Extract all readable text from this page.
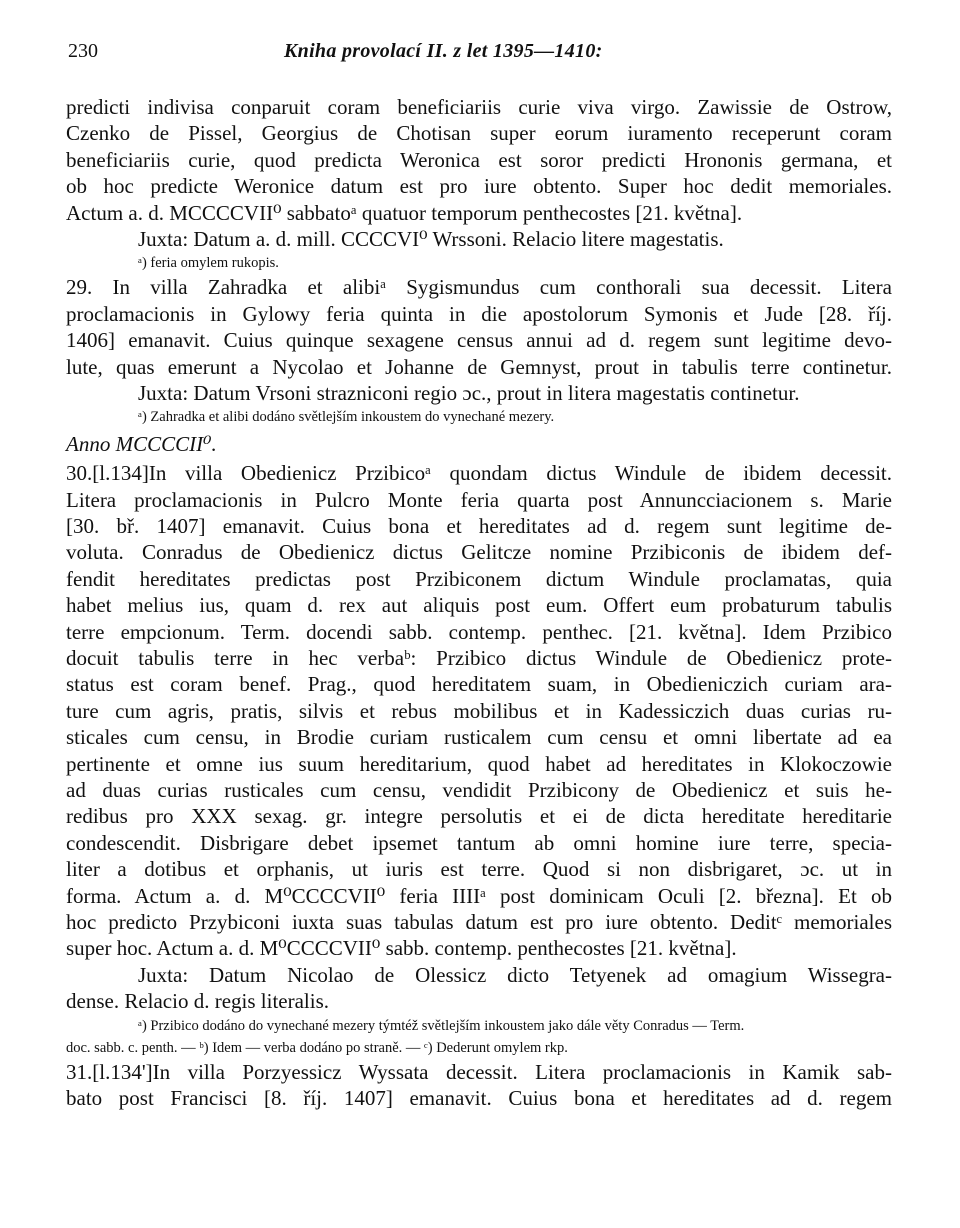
230	Kniha provolací II. z let 1395—1410:
predicti indivisa conparuit coram beneficiariis curie viva virgo. Zawissie de Ostrow,
Czenko de Pissel, Georgius de Chotisan super eorum iuramento receperunt coram
beneficiariis curie, quod predicta Weronica est soror predicti Hrononis germana, et
ob hoc predicte Weronice datum est pro iure obtento. Super hoc dedit memoriales.
Actum a. d. MCCCCVII⁰ sabbatoᵃ quatuor temporum penthecostes [21. května].
Juxta: Datum a. d. mill. CCCCVI⁰ Wrssoni. Relacio litere magestatis.
ᵃ) feria omylem rukopis.
29. In villa Zahradka et alibiᵃ Sygismundus cum conthorali sua decessit. Litera
proclamacionis in Gylowy feria quinta in die apostolorum Symonis et Jude [28. říj.
1406] emanavit. Cuius quinque sexagene census annui ad d. regem sunt legitime devo-
lute, quas emerunt a Nycolao et Johanne de Gemnyst, prout in tabulis terre continetur.
Juxta: Datum Vrsoni strazniconi regio ɔc., prout in litera magestatis continetur.
ᵃ) Zahradka et alibi dodáno světlejším inkoustem do vynechané mezery.
Anno MCCCCII⁰.
30.[l.134]In villa Obedienicz Przibicoᵃ quondam dictus Windule de ibidem decessit.
Litera proclamacionis in Pulcro Monte feria quarta post Annuncciacionem s. Marie
[30. bř. 1407] emanavit. Cuius bona et hereditates ad d. regem sunt legitime de-
voluta. Conradus de Obedienicz dictus Gelitcze nomine Przibiconis de ibidem def-
fendit hereditates predictas post Przibiconem dictum Windule proclamatas, quia
habet melius ius, quam d. rex aut aliquis post eum. Offert eum probaturum tabulis
terre empcionum. Term. docendi sabb. contemp. penthec. [21. května]. Idem Przibico
docuit tabulis terre in hec verbaᵇ: Przibico dictus Windule de Obedienicz prote-
status est coram benef. Prag., quod hereditatem suam, in Obedieniczich curiam ara-
ture cum agris, pratis, silvis et rebus mobilibus et in Kadessiczich duas curias ru-
sticales cum censu, in Brodie curiam rusticalem cum censu et omni libertate ad ea
pertinente et omne ius suum hereditarium, quod habet ad hereditates in Klokoczowie
ad duas curias rusticales cum censu, vendidit Przibicony de Obedienicz et suis he-
redibus pro XXX sexag. gr. integre persolutis et ei de dicta hereditate hereditarie
condescendit. Disbrigare debet ipsemet tantum ab omni homine iure terre, specia-
liter a dotibus et orphanis, ut iuris est terre. Quod si non disbrigaret, ɔc. ut in
forma. Actum a. d. M⁰CCCCVII⁰ feria IIIIᵃ post dominicam Oculi [2. března]. Et ob
hoc predicto Przybiconi iuxta suas tabulas datum est pro iure obtento. Deditᶜ memoriales
super hoc. Actum a. d. M⁰CCCCVII⁰ sabb. contemp. penthecostes [21. května].
Juxta: Datum Nicolao de Olessicz dicto Tetyenek ad omagium Wissegra-
dense. Relacio d. regis literalis.
ᵃ) Przibico dodáno do vynechané mezery týmtéž světlejším inkoustem jako dále věty Conradus — Term.
doc. sabb. c. penth. — ᵇ) Idem — verba dodáno po straně. — ᶜ) Dederunt omylem rkp.
31.[l.134']In villa Porzyessicz Wyssata decessit. Litera proclamacionis in Kamik sab-
bato post Francisci [8. říj. 1407] emanavit. Cuius bona et hereditates ad d. regem
